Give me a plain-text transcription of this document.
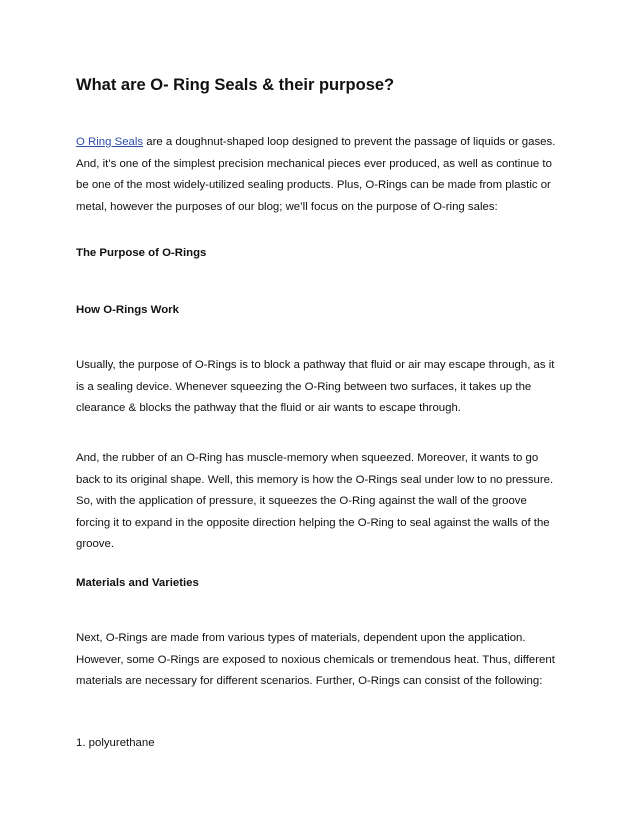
What are O- Ring Seals & their purpose?

O Ring Seals are a doughnut-shaped loop designed to prevent the passage of liquids or gases.
And, it’s one of the simplest precision mechanical pieces ever produced, as well as continue to
be one of the most widely-utilized sealing products. Plus, O-Rings can be made from plastic or
metal, however the purposes of our blog; we’ll focus on the purpose of O-ring sales:

The Purpose of O-Rings
How O-Rings Work

Usually, the purpose of O-Rings is to block a pathway that fluid or air may escape through, as it
is a sealing device. Whenever squeezing the O-Ring between two surfaces, it takes up the
clearance & blocks the pathway that the fluid or air wants to escape through.

And, the rubber of an O-Ring has muscle-memory when squeezed. Moreover, it wants to go
back to its original shape. Well, this memory is how the O-Rings seal under low to no pressure.
So, with the application of pressure, it squeezes the O-Ring against the wall of the groove
forcing it to expand in the opposite direction helping the O-Ring to seal against the walls of the
groove.

Materials and Varieties

Next, O-Rings are made from various types of materials, dependent upon the application.
However, some O-Rings are exposed to noxious chemicals or tremendous heat. Thus, different
materials are necessary for different scenarios. Further, O-Rings can consist of the following:

1. polyurethane
